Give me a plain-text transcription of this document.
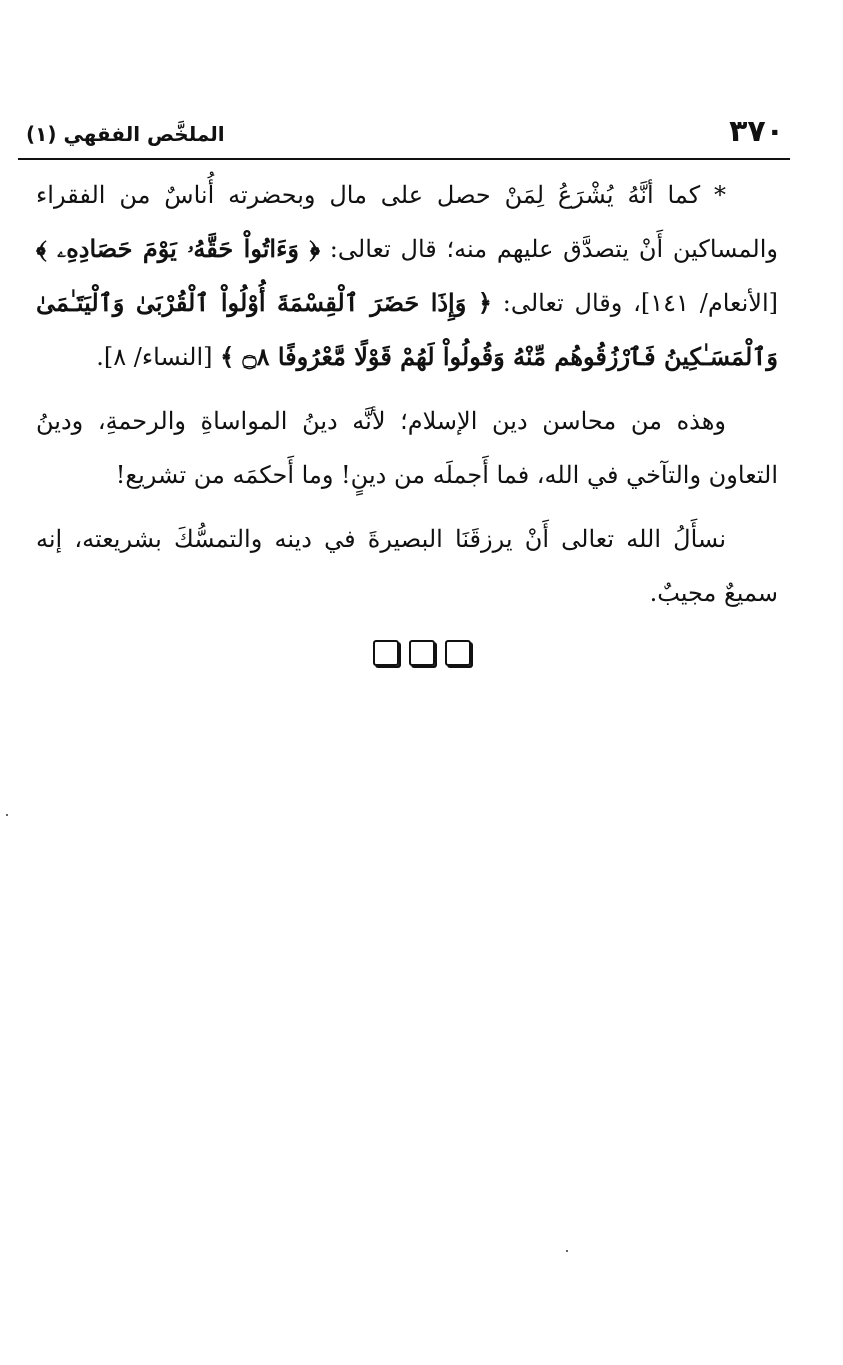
٣٧٠
الملخَّص الفقهي (١)

* كما أنَّهُ يُشْرَعُ لِمَنْ حصل على مال وبحضرته أُناسٌ من الفقراء والمساكين أَنْ يتصدَّق عليهم منه؛ قال تعالى: ﴿ وَءَاتُواْ حَقَّهُۥ يَوْمَ حَصَادِهِۦ ﴾ [الأنعام/ ١٤١]، وقال تعالى: ﴿ وَإِذَا حَضَرَ ٱلْقِسْمَةَ أُوْلُواْ ٱلْقُرْبَىٰ وَٱلْيَتَـٰمَىٰ وَٱلْمَسَـٰكِينُ فَٱرْزُقُوهُم مِّنْهُ وَقُولُواْ لَهُمْ قَوْلًا مَّعْرُوفًا ۝٨ ﴾ [النساء/ ٨].

وهذه من محاسن دين الإسلام؛ لأنَّه دينُ المواساةِ والرحمةِ، ودينُ التعاون والتآخي في الله، فما أَجملَه من دينٍ! وما أَحكمَه من تشريع!

نسأَلُ الله تعالى أَنْ يرزقَنَا البصيرةَ في دينه والتمسُّكَ بشريعته، إنه سميعٌ مجيبٌ.
